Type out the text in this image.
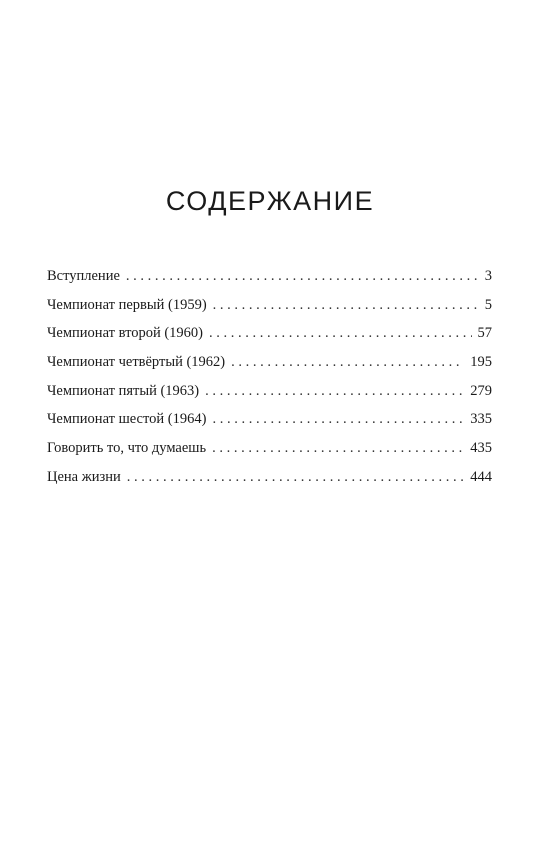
СОДЕРЖАНИЕ
Вступление . . .	3
Чемпионат первый (1959) . . .	5
Чемпионат второй (1960) . . .	57
Чемпионат четвёртый (1962) . . .	195
Чемпионат пятый (1963) . . .	279
Чемпионат шестой (1964) . . .	335
Говорить то, что думаешь . . .	435
Цена жизни . . .	444
